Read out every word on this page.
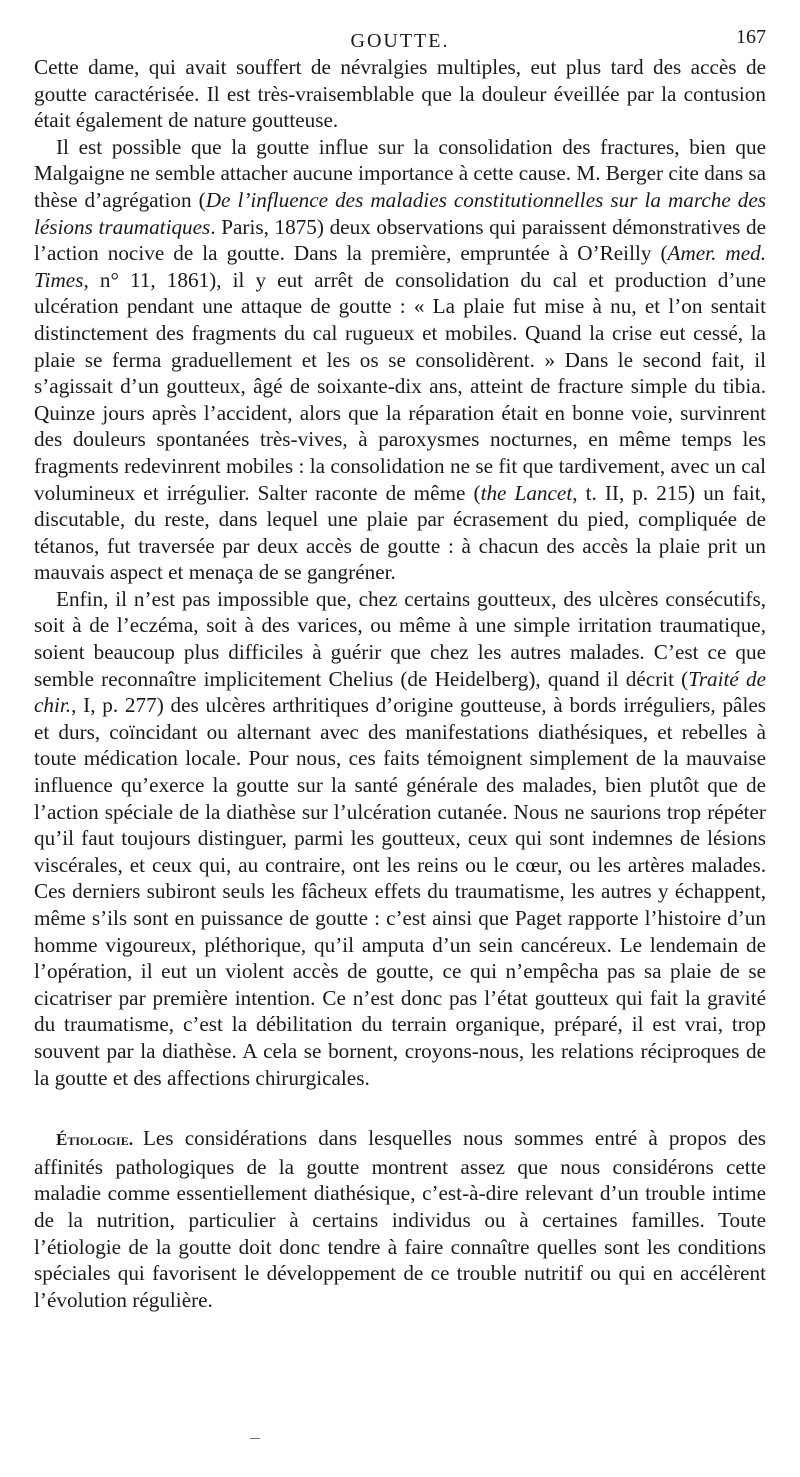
GOUTTE.	167

Cette dame, qui avait souffert de névralgies multiples, eut plus tard des accès de goutte caractérisée. Il est très-vraisemblable que la douleur éveillée par la contusion était également de nature goutteuse.

Il est possible que la goutte influe sur la consolidation des fractures, bien que Malgaigne ne semble attacher aucune importance à cette cause. M. Berger cite dans sa thèse d’agrégation (De l’influence des maladies constitutionnelles sur la marche des lésions traumatiques. Paris, 1875) deux observations qui paraissent démonstratives de l’action nocive de la goutte. Dans la première, empruntée à O’Reilly (Amer. med. Times, n° 11, 1861), il y eut arrêt de consolidation du cal et production d’une ulcération pendant une attaque de goutte : « La plaie fut mise à nu, et l’on sentait distinctement des fragments du cal rugueux et mobiles. Quand la crise eut cessé, la plaie se ferma graduellement et les os se consolidèrent. » Dans le second fait, il s’agissait d’un goutteux, âgé de soixante-dix ans, atteint de fracture simple du tibia. Quinze jours après l’accident, alors que la réparation était en bonne voie, survinrent des douleurs spontanées très-vives, à paroxysmes nocturnes, en même temps les fragments redevinrent mobiles : la consolidation ne se fit que tardivement, avec un cal volumineux et irrégulier. Salter raconte de même (the Lancet, t. II, p. 215) un fait, discutable, du reste, dans lequel une plaie par écrasement du pied, compliquée de tétanos, fut traversée par deux accès de goutte : à chacun des accès la plaie prit un mauvais aspect et menaça de se gangréner.

Enfin, il n’est pas impossible que, chez certains goutteux, des ulcères consécutifs, soit à de l’eczéma, soit à des varices, ou même à une simple irritation traumatique, soient beaucoup plus difficiles à guérir que chez les autres malades. C’est ce que semble reconnaître implicitement Chelius (de Heidelberg), quand il décrit (Traité de chir., I, p. 277) des ulcères arthritiques d’origine goutteuse, à bords irréguliers, pâles et durs, coïncidant ou alternant avec des manifestations diathésiques, et rebelles à toute médication locale. Pour nous, ces faits témoignent simplement de la mauvaise influence qu’exerce la goutte sur la santé générale des malades, bien plutôt que de l’action spéciale de la diathèse sur l’ulcération cutanée. Nous ne saurions trop répéter qu’il faut toujours distinguer, parmi les goutteux, ceux qui sont indemnes de lésions viscérales, et ceux qui, au contraire, ont les reins ou le cœur, ou les artères malades. Ces derniers subiront seuls les fâcheux effets du traumatisme, les autres y échappent, même s’ils sont en puissance de goutte : c’est ainsi que Paget rapporte l’histoire d’un homme vigoureux, pléthorique, qu’il amputa d’un sein cancéreux. Le lendemain de l’opération, il eut un violent accès de goutte, ce qui n’empêcha pas sa plaie de se cicatriser par première intention. Ce n’est donc pas l’état goutteux qui fait la gravité du traumatisme, c’est la débilitation du terrain organique, préparé, il est vrai, trop souvent par la diathèse. A cela se bornent, croyons-nous, les relations réciproques de la goutte et des affections chirurgicales.

Étiologie. Les considérations dans lesquelles nous sommes entré à propos des affinités pathologiques de la goutte montrent assez que nous considérons cette maladie comme essentiellement diathésique, c’est-à-dire relevant d’un trouble intime de la nutrition, particulier à certains individus ou à certaines familles. Toute l’étiologie de la goutte doit donc tendre à faire connaître quelles sont les conditions spéciales qui favorisent le développement de ce trouble nutritif ou qui en accélèrent l’évolution régulière.
